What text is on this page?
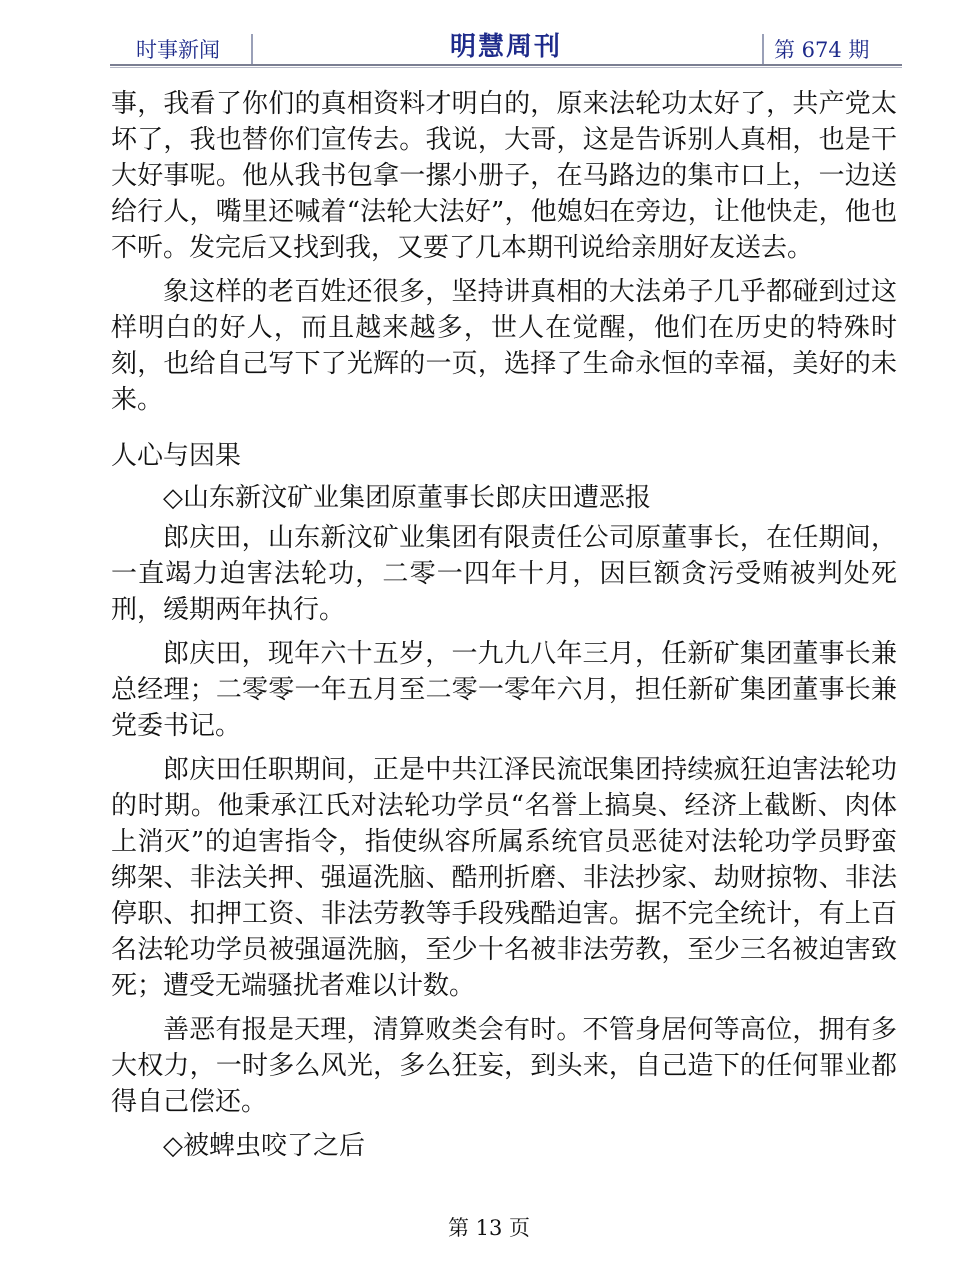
时事新闻	明慧周刊	第 674 期

事，我看了你们的真相资料才明白的，原来法轮功太好了，共产党太坏了，我也替你们宣传去。我说，大哥，这是告诉别人真相，也是干大好事呢。他从我书包拿一摞小册子，在马路边的集市口上，一边送给行人，嘴里还喊着“法轮大法好”，他媳妇在旁边，让他快走，他也不听。发完后又找到我，又要了几本期刊说给亲朋好友送去。

象这样的老百姓还很多，坚持讲真相的大法弟子几乎都碰到过这样明白的好人，而且越来越多，世人在觉醒，他们在历史的特殊时刻，也给自己写下了光辉的一页，选择了生命永恒的幸福，美好的未来。

人心与因果

◇山东新汶矿业集团原董事长郎庆田遭恶报

郎庆田，山东新汶矿业集团有限责任公司原董事长，在任期间，一直竭力迫害法轮功，二零一四年十月，因巨额贪污受贿被判处死刑，缓期两年执行。

郎庆田，现年六十五岁，一九九八年三月，任新矿集团董事长兼总经理；二零零一年五月至二零一零年六月，担任新矿集团董事长兼党委书记。

郎庆田任职期间，正是中共江泽民流氓集团持续疯狂迫害法轮功的时期。他秉承江氏对法轮功学员“名誉上搞臭、经济上截断、肉体上消灭”的迫害指令，指使纵容所属系统官员恶徒对法轮功学员野蛮绑架、非法关押、强逼洗脑、酷刑折磨、非法抄家、劫财掠物、非法停职、扣押工资、非法劳教等手段残酷迫害。据不完全统计，有上百名法轮功学员被强逼洗脑，至少十名被非法劳教，至少三名被迫害致死；遭受无端骚扰者难以计数。

善恶有报是天理，清算败类会有时。不管身居何等高位，拥有多大权力，一时多么风光，多么狂妄，到头来，自己造下的任何罪业都得自己偿还。

◇被蜱虫咬了之后

第 13 页
